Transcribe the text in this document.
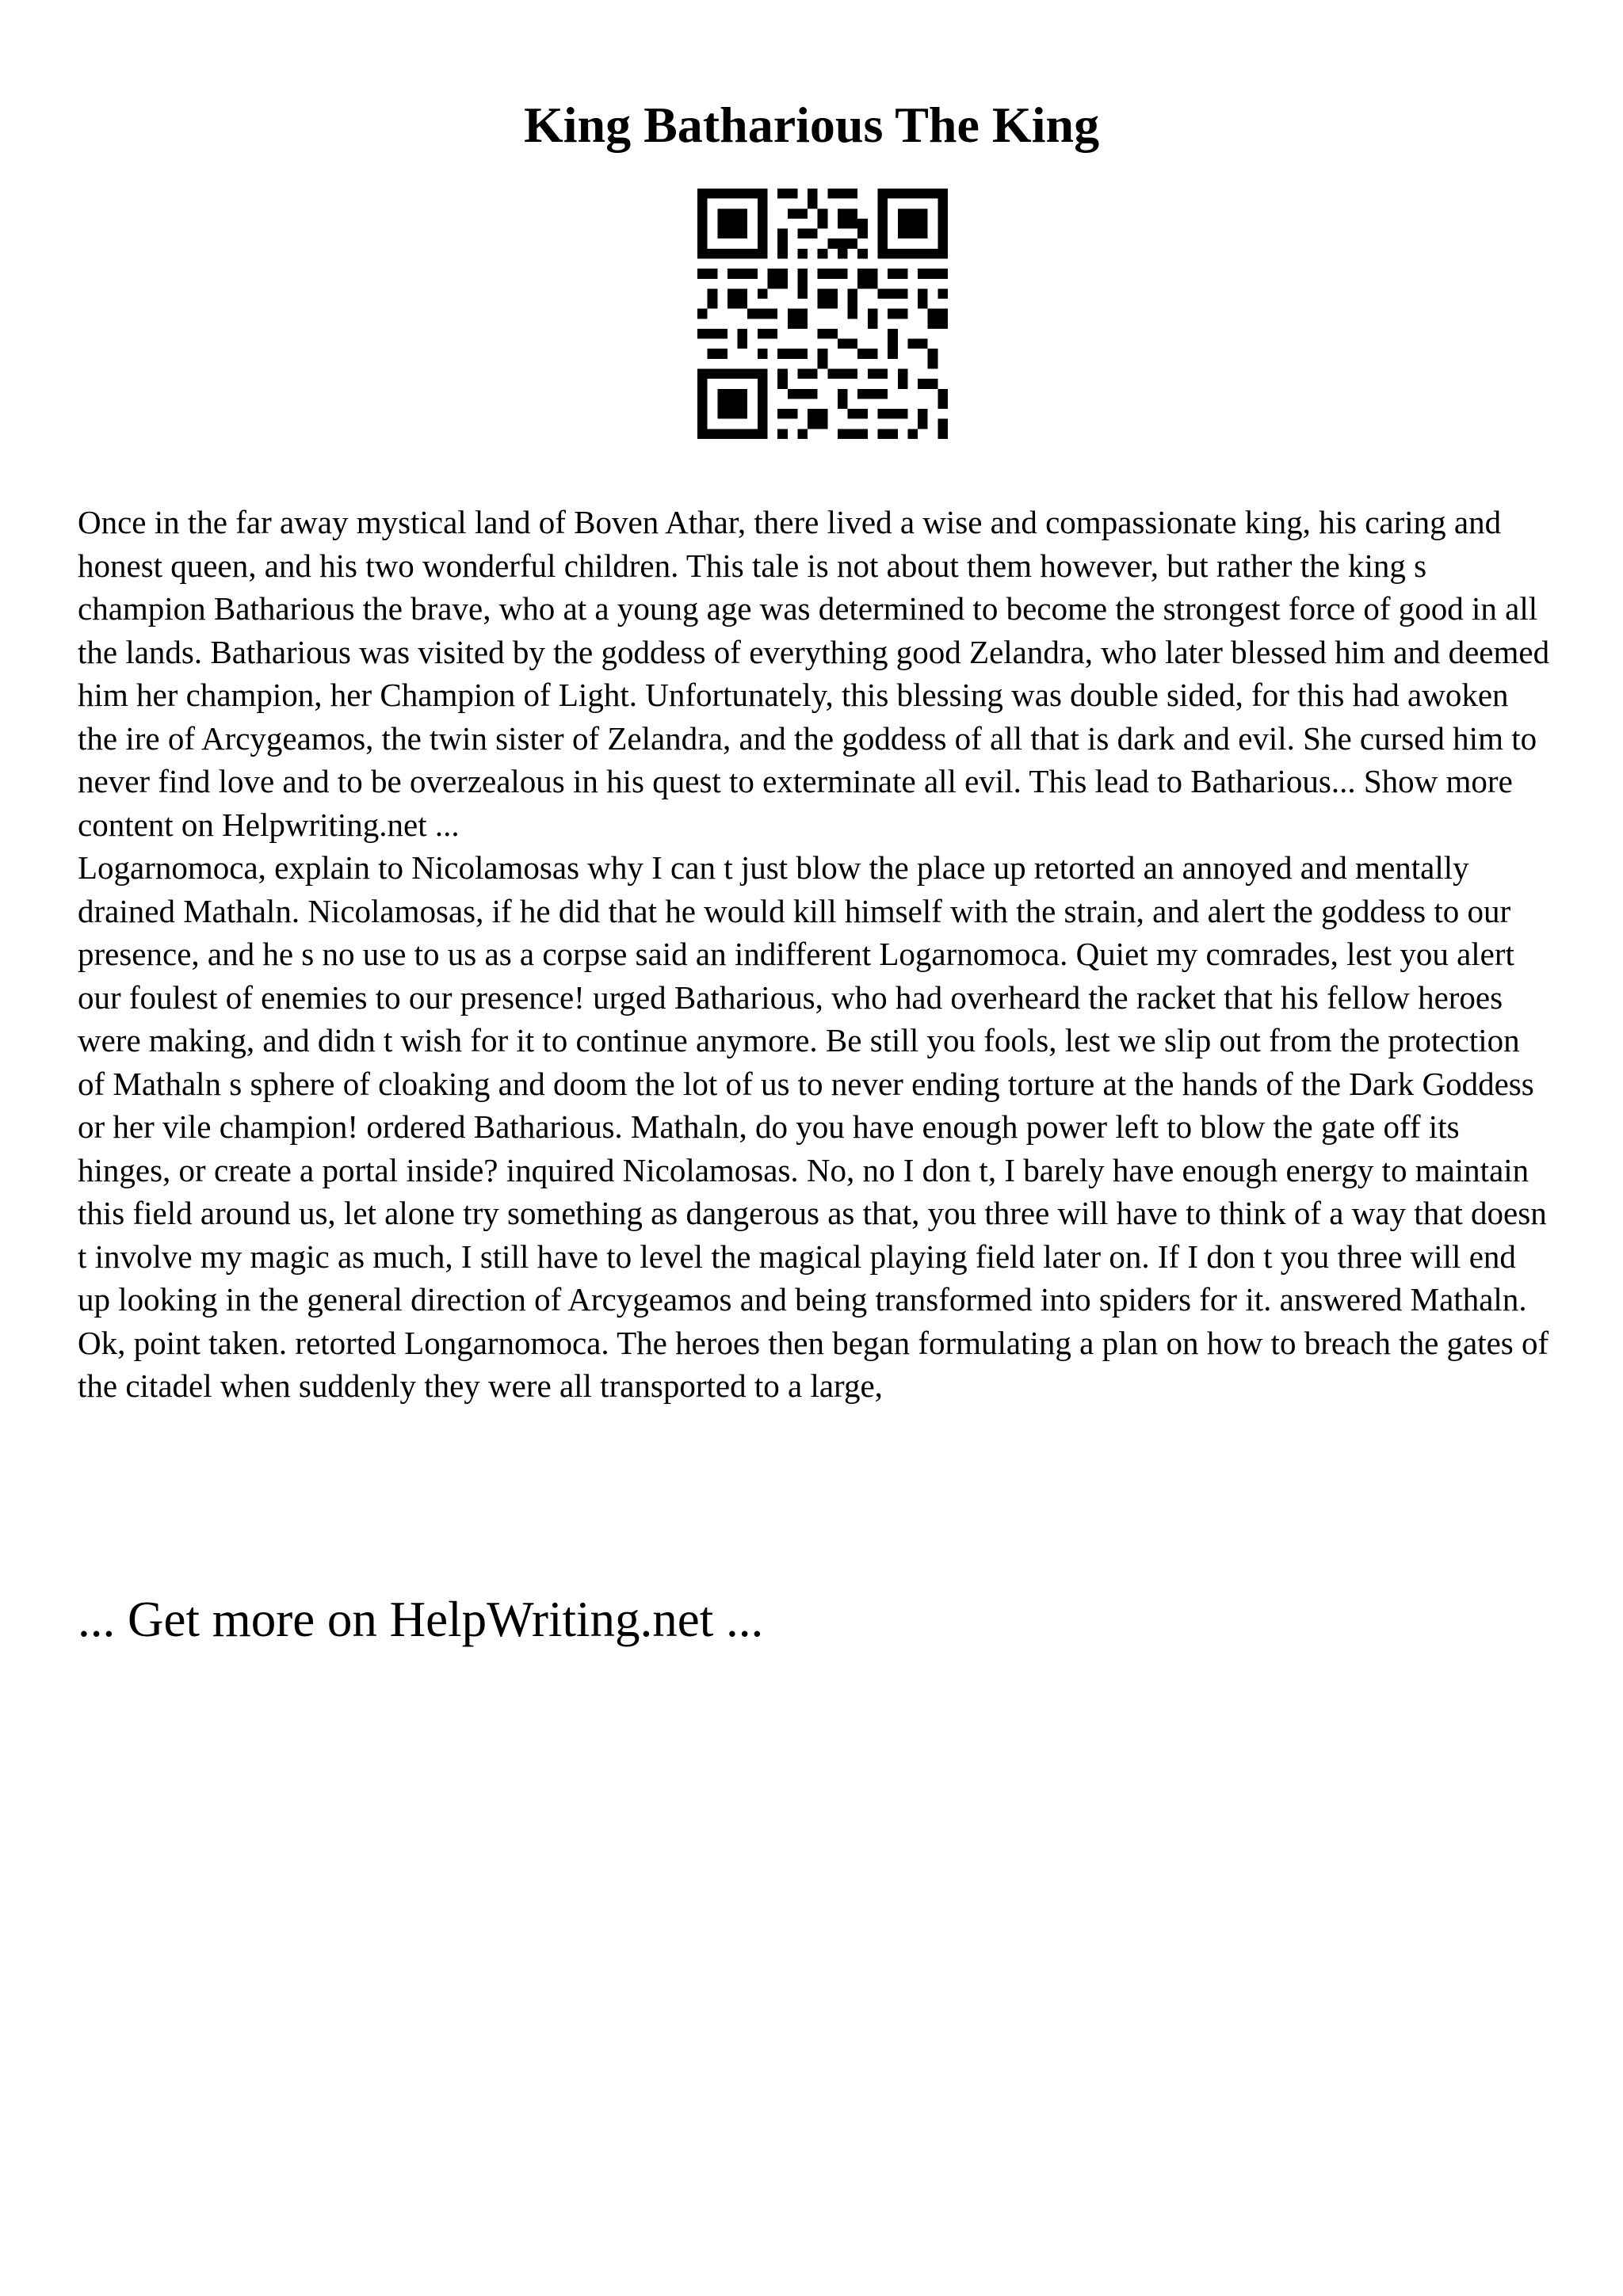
King Batharious The King

Once in the far away mystical land of Boven Athar, there lived a wise and compassionate king, his caring and honest queen, and his two wonderful children. This tale is not about them however, but rather the king s champion Batharious the brave, who at a young age was determined to become the strongest force of good in all the lands. Batharious was visited by the goddess of everything good Zelandra, who later blessed him and deemed him her champion, her Champion of Light. Unfortunately, this blessing was double sided, for this had awoken the ire of Arcygeamos, the twin sister of Zelandra, and the goddess of all that is dark and evil. She cursed him to never find love and to be overzealous in his quest to exterminate all evil. This lead to Batharious... Show more content on Helpwriting.net ...

Logarnomoca, explain to Nicolamosas why I can t just blow the place up retorted an annoyed and mentally drained Mathaln. Nicolamosas, if he did that he would kill himself with the strain, and alert the goddess to our presence, and he s no use to us as a corpse said an indifferent Logarnomoca. Quiet my comrades, lest you alert our foulest of enemies to our presence! urged Batharious, who had overheard the racket that his fellow heroes were making, and didn t wish for it to continue anymore. Be still you fools, lest we slip out from the protection of Mathaln s sphere of cloaking and doom the lot of us to never ending torture at the hands of the Dark Goddess or her vile champion! ordered Batharious. Mathaln, do you have enough power left to blow the gate off its hinges, or create a portal inside? inquired Nicolamosas. No, no I don t, I barely have enough energy to maintain this field around us, let alone try something as dangerous as that, you three will have to think of a way that doesn t involve my magic as much, I still have to level the magical playing field later on. If I don t you three will end up looking in the general direction of Arcygeamos and being transformed into spiders for it. answered Mathaln. Ok, point taken. retorted Longarnomoca. The heroes then began formulating a plan on how to breach the gates of the citadel when suddenly they were all transported to a large,

... Get more on HelpWriting.net ...
